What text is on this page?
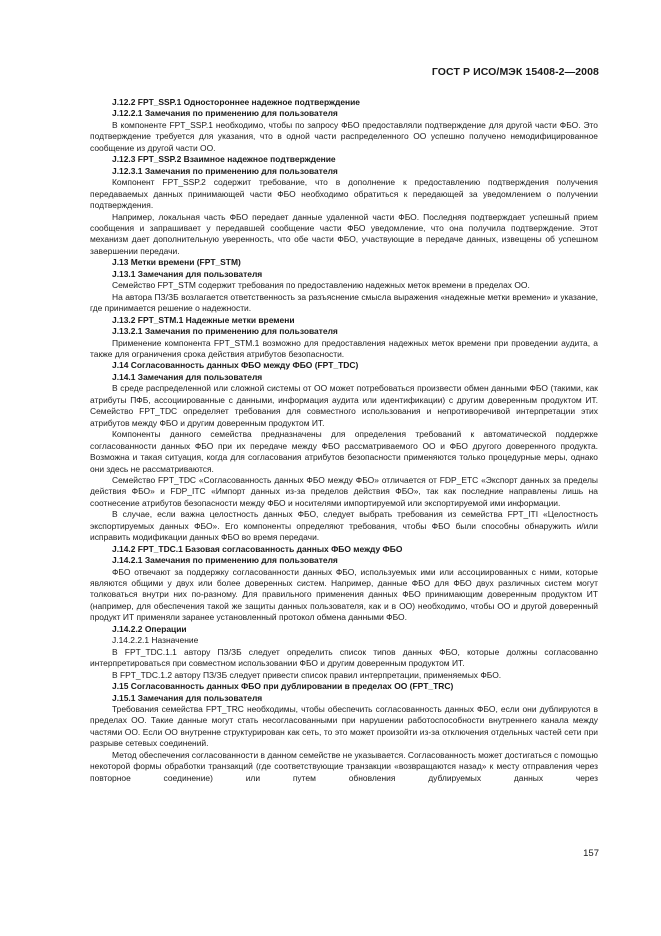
ГОСТ Р ИСО/МЭК 15408-2—2008

J.12.2 FPT_SSP.1 Одностороннее надежное подтверждение

J.12.2.1 Замечания по применению для пользователя

В компоненте FPT_SSP.1 необходимо, чтобы по запросу ФБО предоставляли подтверждение для другой части ФБО. Это подтверждение требуется для указания, что в одной части распределенного ОО успешно получено немодифицированное сообщение из другой части ОО.

J.12.3 FPT_SSP.2 Взаимное надежное подтверждение

J.12.3.1 Замечания по применению для пользователя

Компонент FPT_SSP.2 содержит требование, что в дополнение к предоставлению подтверждения получения передаваемых данных принимающей части ФБО необходимо обратиться к передающей за уведомлением о получении подтверждения.

Например, локальная часть ФБО передает данные удаленной части ФБО. Последняя подтверждает успешный прием сообщения и запрашивает у передавшей сообщение части ФБО уведомление, что она получила подтверждение. Этот механизм дает дополнительную уверенность, что обе части ФБО, участвующие в передаче данных, извещены об успешном завершении передачи.

J.13 Метки времени (FPT_STM)

J.13.1 Замечания для пользователя

Семейство FPT_STM содержит требования по предоставлению надежных меток времени в пределах ОО.

На автора ПЗ/ЗБ возлагается ответственность за разъяснение смысла выражения «надежные метки времени» и указание, где принимается решение о надежности.

J.13.2 FPT_STM.1 Надежные метки времени

J.13.2.1 Замечания по применению для пользователя

Применение компонента FPT_STM.1 возможно для предоставления надежных меток времени при проведении аудита, а также для ограничения срока действия атрибутов безопасности.

J.14 Согласованность данных ФБО между ФБО (FPT_TDC)

J.14.1 Замечания для пользователя

В среде распределенной или сложной системы от ОО может потребоваться произвести обмен данными ФБО (такими, как атрибуты ПФБ, ассоциированные с данными, информация аудита или идентификации) с другим доверенным продуктом ИТ. Семейство FPT_TDC определяет требования для совместного использования и непротиворечивой интерпретации этих атрибутов между ФБО и другим доверенным продуктом ИТ.

Компоненты данного семейства предназначены для определения требований к автоматической поддержке согласованности данных ФБО при их передаче между ФБО рассматриваемого ОО и ФБО другого доверенного продукта. Возможна и такая ситуация, когда для согласования атрибутов безопасности применяются только процедурные меры, однако они здесь не рассматриваются.

Семейство FPT_TDC «Согласованность данных ФБО между ФБО» отличается от FDP_ETC «Экспорт данных за пределы действия ФБО» и FDP_ITC «Импорт данных из-за пределов действия ФБО», так как последние направлены лишь на соотнесение атрибутов безопасности между ФБО и носителями импортируемой или экспортируемой ими информации.

В случае, если важна целостность данных ФБО, следует выбрать требования из семейства FPT_ITI «Целостность экспортируемых данных ФБО». Его компоненты определяют требования, чтобы ФБО были способны обнаружить и/или исправить модификации данных ФБО во время передачи.

J.14.2 FPT_TDC.1 Базовая согласованность данных ФБО между ФБО

J.14.2.1 Замечания по применению для пользователя

ФБО отвечают за поддержку согласованности данных ФБО, используемых ими или ассоциированных с ними, которые являются общими у двух или более доверенных систем. Например, данные ФБО для ФБО двух различных систем могут толковаться внутри них по-разному. Для правильного применения данных ФБО принимающим доверенным продуктом ИТ (например, для обеспечения такой же защиты данных пользователя, как и в ОО) необходимо, чтобы ОО и другой доверенный продукт ИТ применяли заранее установленный протокол обмена данными ФБО.

J.14.2.2 Операции

J.14.2.2.1 Назначение

В FPT_TDC.1.1 автору ПЗ/ЗБ следует определить список типов данных ФБО, которые должны согласованно интерпретироваться при совместном использовании ФБО и другим доверенным продуктом ИТ.

В FPT_TDC.1.2 автору ПЗ/ЗБ следует привести список правил интерпретации, применяемых ФБО.

J.15 Согласованность данных ФБО при дублировании в пределах ОО (FPT_TRC)

J.15.1 Замечания для пользователя

Требования семейства FPT_TRC необходимы, чтобы обеспечить согласованность данных ФБО, если они дублируются в пределах ОО. Такие данные могут стать несогласованными при нарушении работоспособности внутреннего канала между частями ОО. Если ОО внутренне структурирован как сеть, то это может произойти из-за отключения отдельных частей сети при разрыве сетевых соединений.

Метод обеспечения согласованности в данном семействе не указывается. Согласованность может достигаться с помощью некоторой формы обработки транзакций (где соответствующие транзакции «возвращаются назад» к месту отправления через повторное соединение) или путем обновления дублируемых данных через

157
